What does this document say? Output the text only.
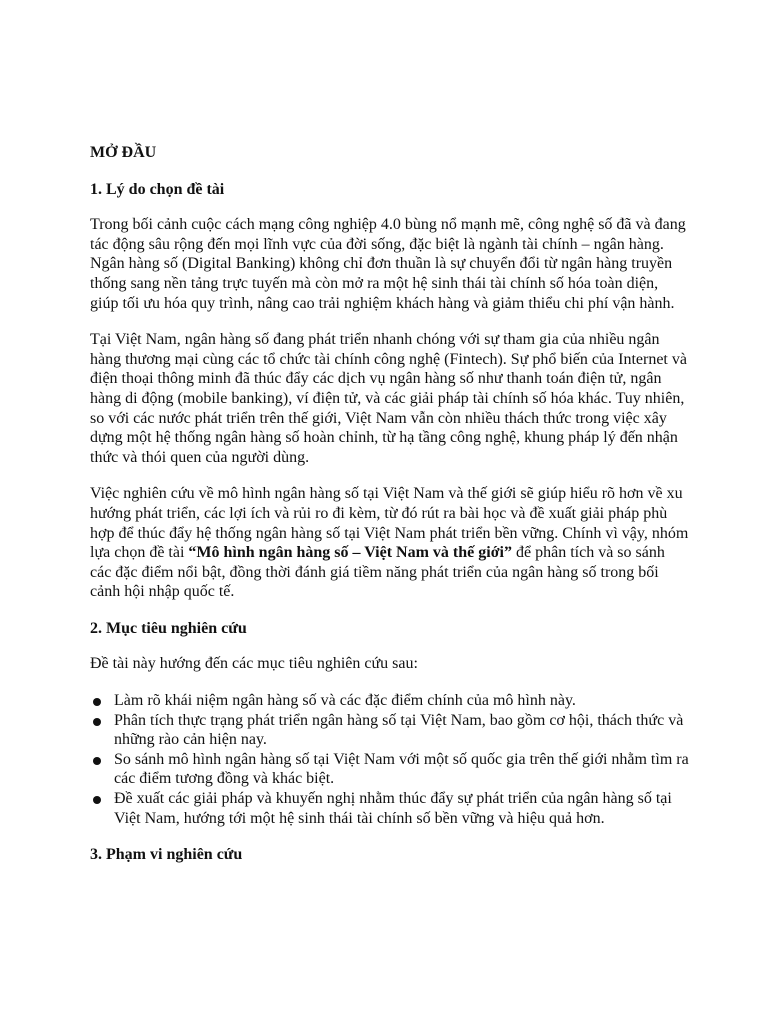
MỞ ĐẦU

1. Lý do chọn đề tài

Trong bối cảnh cuộc cách mạng công nghiệp 4.0 bùng nổ mạnh mẽ, công nghệ số đã và đang tác động sâu rộng đến mọi lĩnh vực của đời sống, đặc biệt là ngành tài chính – ngân hàng. Ngân hàng số (Digital Banking) không chỉ đơn thuần là sự chuyển đổi từ ngân hàng truyền thống sang nền tảng trực tuyến mà còn mở ra một hệ sinh thái tài chính số hóa toàn diện, giúp tối ưu hóa quy trình, nâng cao trải nghiệm khách hàng và giảm thiểu chi phí vận hành.

Tại Việt Nam, ngân hàng số đang phát triển nhanh chóng với sự tham gia của nhiều ngân hàng thương mại cùng các tổ chức tài chính công nghệ (Fintech). Sự phổ biến của Internet và điện thoại thông minh đã thúc đẩy các dịch vụ ngân hàng số như thanh toán điện tử, ngân hàng di động (mobile banking), ví điện tử, và các giải pháp tài chính số hóa khác. Tuy nhiên, so với các nước phát triển trên thế giới, Việt Nam vẫn còn nhiều thách thức trong việc xây dựng một hệ thống ngân hàng số hoàn chỉnh, từ hạ tầng công nghệ, khung pháp lý đến nhận thức và thói quen của người dùng.

Việc nghiên cứu về mô hình ngân hàng số tại Việt Nam và thế giới sẽ giúp hiểu rõ hơn về xu hướng phát triển, các lợi ích và rủi ro đi kèm, từ đó rút ra bài học và đề xuất giải pháp phù hợp để thúc đẩy hệ thống ngân hàng số tại Việt Nam phát triển bền vững. Chính vì vậy, nhóm lựa chọn đề tài “Mô hình ngân hàng số – Việt Nam và thế giới” để phân tích và so sánh các đặc điểm nổi bật, đồng thời đánh giá tiềm năng phát triển của ngân hàng số trong bối cảnh hội nhập quốc tế.

2. Mục tiêu nghiên cứu

Đề tài này hướng đến các mục tiêu nghiên cứu sau:

Làm rõ khái niệm ngân hàng số và các đặc điểm chính của mô hình này.
Phân tích thực trạng phát triển ngân hàng số tại Việt Nam, bao gồm cơ hội, thách thức và những rào cản hiện nay.
So sánh mô hình ngân hàng số tại Việt Nam với một số quốc gia trên thế giới nhằm tìm ra các điểm tương đồng và khác biệt.
Đề xuất các giải pháp và khuyến nghị nhằm thúc đẩy sự phát triển của ngân hàng số tại Việt Nam, hướng tới một hệ sinh thái tài chính số bền vững và hiệu quả hơn.

3. Phạm vi nghiên cứu
